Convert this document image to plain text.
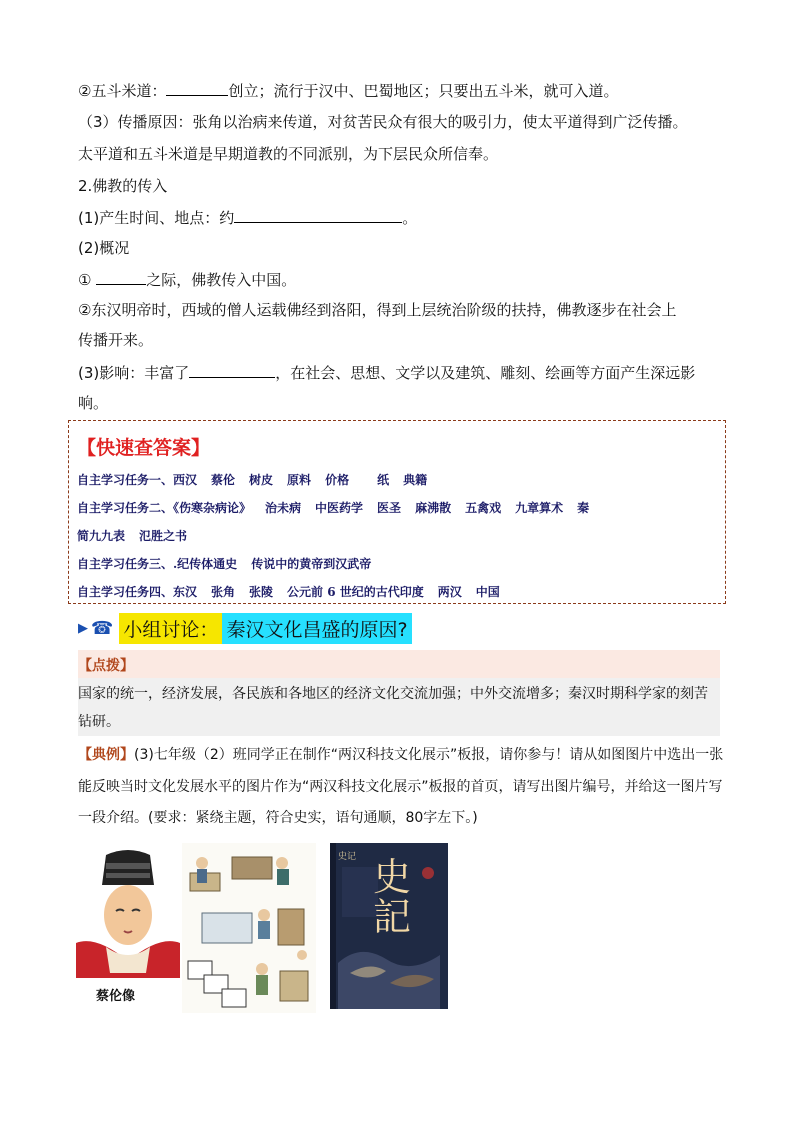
②五斗米道：	创立；流行于汉中、巴蜀地区；只要出五斗米，就可入道。
（3）传播原因：张角以治病来传道，对贫苦民众有很大的吸引力，使太平道得到广泛传播。
太平道和五斗米道是早期道教的不同派别，为下层民众所信奉。
2.佛教的传入
(1)产生时间、地点：约	。
(2)概况
①	之际，佛教传入中国。
②东汉明帝时，西域的僧人运载佛经到洛阳，得到上层统治阶级的扶持，佛教逐步在社会上
传播开来。
(3)影响：丰富了	，在社会、思想、文学以及建筑、雕刻、绘画等方面产生深远影
响。
【快速查答案】
自主学习任务一、西汉 蔡伦 树皮 原料 价格 纸 典籍
自主学习任务二、《伤寒杂病论》 治未病 中医药学 医圣 麻沸散 五禽戏 九章算术 秦
简九九表 氾胜之书
自主学习任务三、.纪传体通史 传说中的黄帝到汉武帝
自主学习任务四、东汉 张角 张陵 公元前 6 世纪的古代印度 两汉 中国
▶ ☎ 小组讨论： 秦汉文化昌盛的原因?
【点拨】
国家的统一，经济发展，各民族和各地区的经济文化交流加强；中外交流增多；秦汉时期科学家的刻苦
钻研。
【典例】(3)七年级（2）班同学正在制作“两汉科技文化展示”板报，请你参与！请从如图图片中选出一张
能反映当时文化发展水平的图片作为“两汉科技文化展示”板报的首页，请写出图片编号，并给这一图片写
一段介绍。(要求：紧绕主题，符合史实，语句通顺，80字左下。)
蔡伦像
史記
史记
